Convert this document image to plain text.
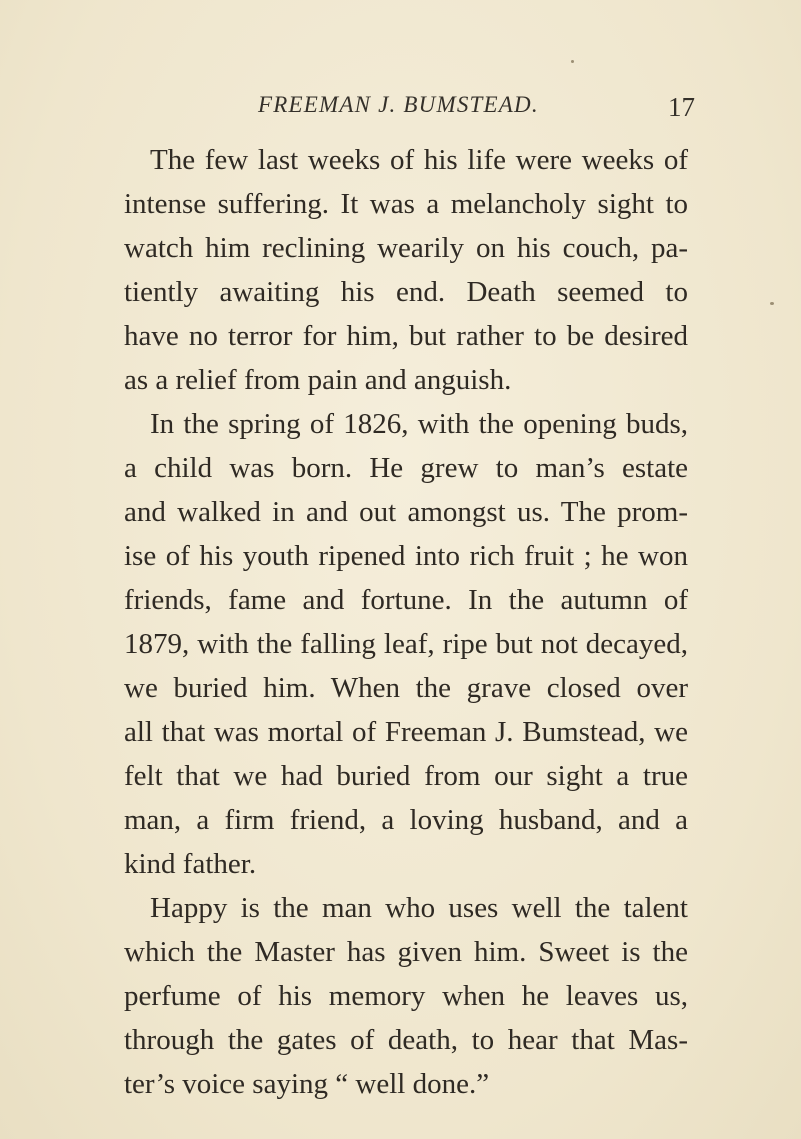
FREEMAN J. BUMSTEAD.	17
The few last weeks of his life were weeks of
intense suffering. It was a melancholy sight to
watch him reclining wearily on his couch, pa-
tiently awaiting his end. Death seemed to
have no terror for him, but rather to be desired
as a relief from pain and anguish.
In the spring of 1826, with the opening buds,
a child was born. He grew to man’s estate
and walked in and out amongst us. The prom-
ise of his youth ripened into rich fruit ; he won
friends, fame and fortune. In the autumn of
1879, with the falling leaf, ripe but not decayed,
we buried him. When the grave closed over
all that was mortal of Freeman J. Bumstead, we
felt that we had buried from our sight a true
man, a firm friend, a loving husband, and a
kind father.
Happy is the man who uses well the talent
which the Master has given him. Sweet is the
perfume of his memory when he leaves us,
through the gates of death, to hear that Mas-
ter’s voice saying “ well done.”
